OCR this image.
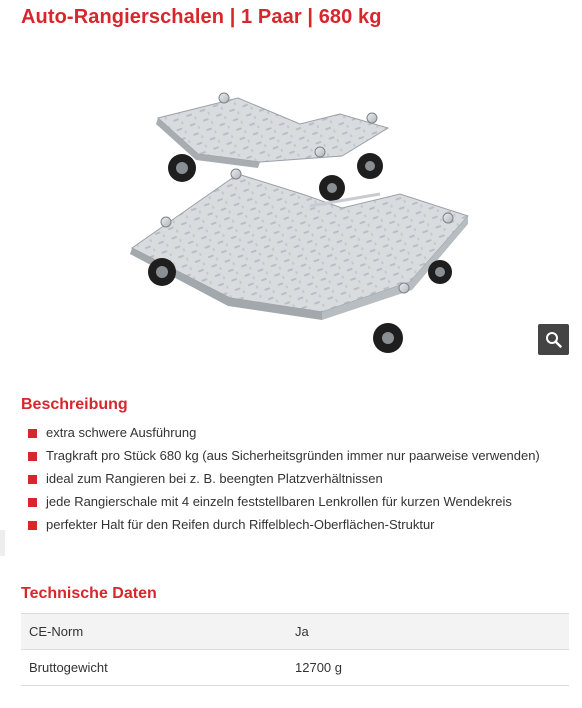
Auto-Rangierschalen | 1 Paar | 680 kg
Beschreibung
extra schwere Ausführung
Tragkraft pro Stück 680 kg (aus Sicherheitsgründen immer nur paarweise verwenden)
ideal zum Rangieren bei z. B. beengten Platzverhältnissen
jede Rangierschale mit 4 einzeln feststellbaren Lenkrollen für kurzen Wendekreis
perfekter Halt für den Reifen durch Riffelblech-Oberflächen-Struktur
Technische Daten
CE-Norm	Ja
Bruttogewicht	12700 g
